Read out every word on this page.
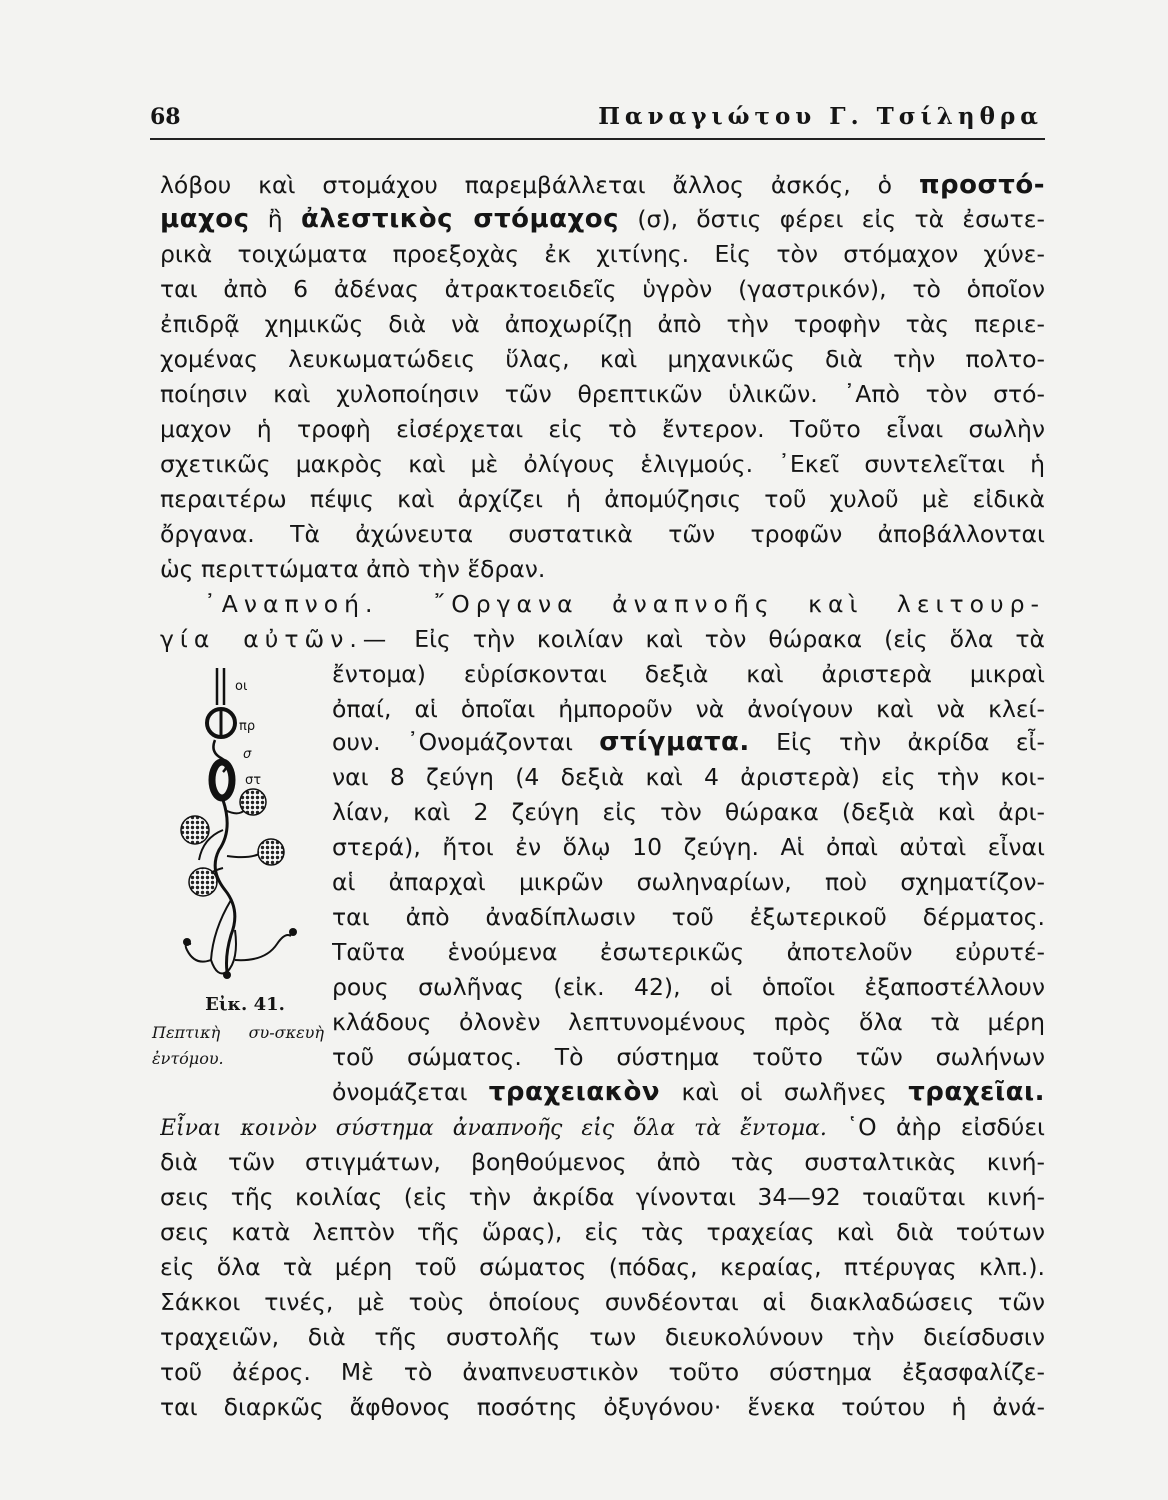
68	Παναγιώτου Γ. Τσίληθρα
λόβου καὶ στομάχου παρεμβάλλεται ἄλλος ἀσκός, ὁ προστό-
μαχος ἢ ἀλεστικὸς στόμαχος (σ), ὅστις φέρει εἰς τὰ ἐσωτε-
ρικὰ τοιχώματα προεξοχὰς ἐκ χιτίνης. Εἰς τὸν στόμαχον χύνε-
ται ἀπὸ 6 ἀδένας ἀτρακτοειδεῖς ὑγρὸν (γαστρικόν), τὸ ὁποῖον
ἐπιδρᾷ χημικῶς διὰ νὰ ἀποχωρίζῃ ἀπὸ τὴν τροφὴν τὰς περιε-
χομένας λευκωματώδεις ὕλας, καὶ μηχανικῶς διὰ τὴν πολτο-
ποίησιν καὶ χυλοποίησιν τῶν θρεπτικῶν ὑλικῶν. ᾿Απὸ τὸν στό-
μαχον ἡ τροφὴ εἰσέρχεται εἰς τὸ ἔντερον. Τοῦτο εἶναι σωλὴν
σχετικῶς μακρὸς καὶ μὲ ὀλίγους ἑλιγμούς. ᾿Εκεῖ συντελεῖται ἡ
περαιτέρω πέψις καὶ ἀρχίζει ἡ ἀπομύζησις τοῦ χυλοῦ μὲ εἰδικὰ
ὄργανα. Τὰ ἀχώνευτα συστατικὰ τῶν τροφῶν ἀποβάλλονται
ὡς περιττώματα ἀπὸ τὴν ἕδραν.
᾿Αναπνοή. ῎Οργανα ἀναπνοῆς καὶ λειτουρ-
γία αὐτῶν.— Εἰς τὴν κοιλίαν καὶ τὸν θώρακα (εἰς ὅλα τὰ
ἔντομα) εὑρίσκονται δεξιὰ καὶ ἀριστερὰ μικραὶ
ὀπαί, αἱ ὁποῖαι ἠμποροῦν νὰ ἀνοίγουν καὶ νὰ κλεί-
ουν. ᾿Ονομάζονται στίγματα. Εἰς τὴν ἀκρίδα εἶ-
ναι 8 ζεύγη (4 δεξιὰ καὶ 4 ἀριστερὰ) εἰς τὴν κοι-
λίαν, καὶ 2 ζεύγη εἰς τὸν θώρακα (δεξιὰ καὶ ἀρι-
στερά), ἤτοι ἐν ὅλῳ 10 ζεύγη. Αἱ ὀπαὶ αὐταὶ εἶναι
αἱ ἀπαρχαὶ μικρῶν σωληναρίων, ποὺ σχηματίζον-
ται ἀπὸ ἀναδίπλωσιν τοῦ ἐξωτερικοῦ δέρματος.
Ταῦτα ἑνούμενα ἐσωτερικῶς ἀποτελοῦν εὐρυτέ-
ρους σωλῆνας (εἰκ. 42), οἱ ὁποῖοι ἐξαποστέλλουν
κλάδους ὀλονὲν λεπτυνομένους πρὸς ὅλα τὰ μέρη
τοῦ σώματος. Τὸ σύστημα τοῦτο τῶν σωλήνων
ὀνομάζεται τραχειακὸν καὶ οἱ σωλῆνες τραχεῖαι.
οι
πρ
σ
στ
Εἰκ. 41.
Πεπτικὴ συ-σκευὴ ἐντόμου.
Εἶναι κοινὸν σύστημα ἀναπνοῆς εἰς ὅλα τὰ ἔντομα. ῾Ο ἀὴρ εἰσδύει
διὰ τῶν στιγμάτων, βοηθούμενος ἀπὸ τὰς συσταλτικὰς κινή-
σεις τῆς κοιλίας (εἰς τὴν ἀκρίδα γίνονται 34—92 τοιαῦται κινή-
σεις κατὰ λεπτὸν τῆς ὥρας), εἰς τὰς τραχείας καὶ διὰ τούτων
εἰς ὅλα τὰ μέρη τοῦ σώματος (πόδας, κεραίας, πτέρυγας κλπ.).
Σάκκοι τινές, μὲ τοὺς ὁποίους συνδέονται αἱ διακλαδώσεις τῶν
τραχειῶν, διὰ τῆς συστολῆς των διευκολύνουν τὴν διείσδυσιν
τοῦ ἀέρος. Μὲ τὸ ἀναπνευστικὸν τοῦτο σύστημα ἐξασφαλίζε-
ται διαρκῶς ἄφθονος ποσότης ὀξυγόνου· ἕνεκα τούτου ἡ ἀνά-
